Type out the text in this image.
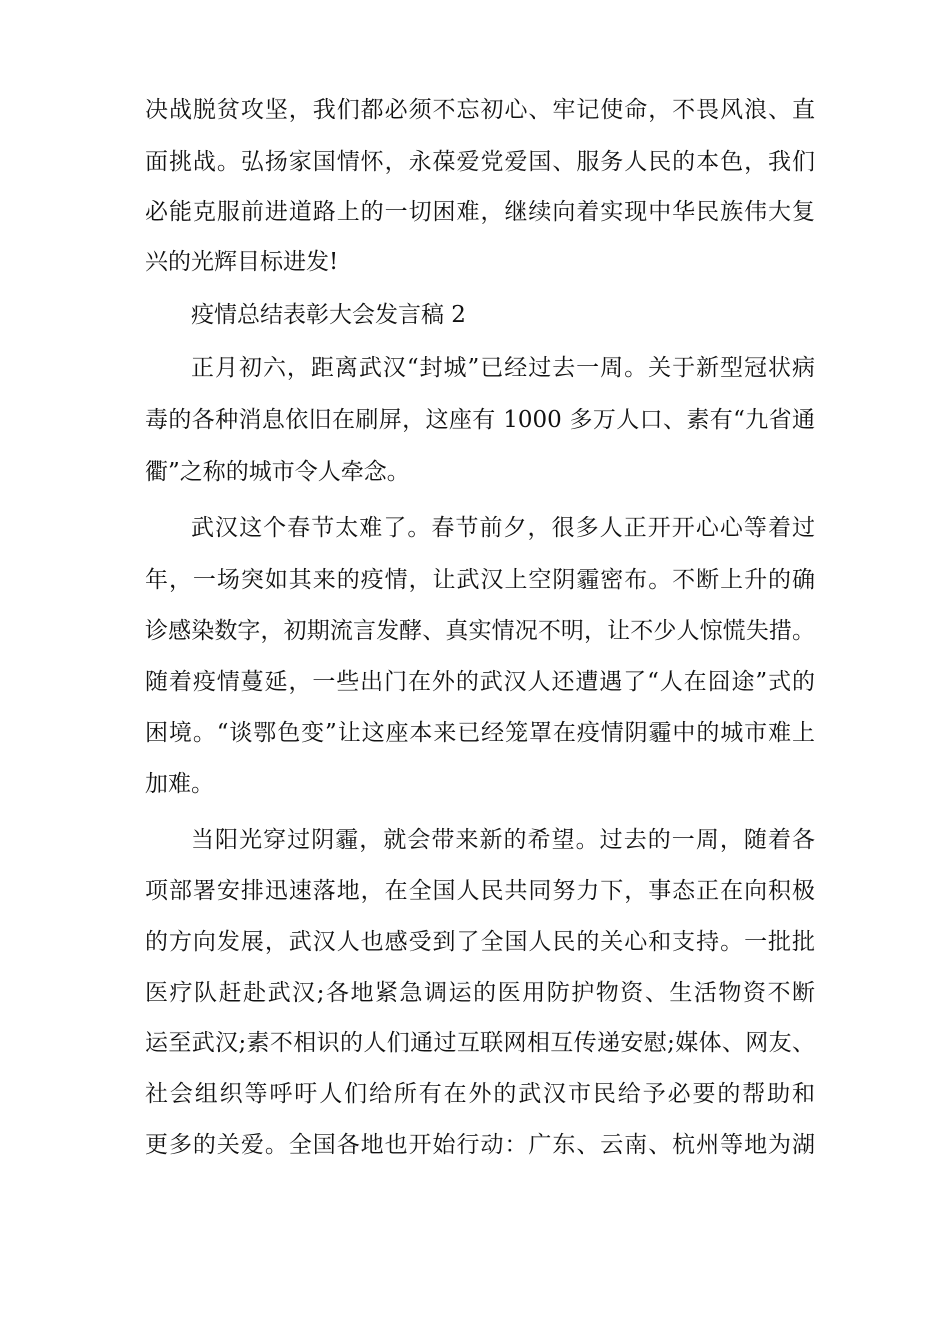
决战脱贫攻坚，我们都必须不忘初心、牢记使命，不畏风浪、直
面挑战。弘扬家国情怀，永葆爱党爱国、服务人民的本色，我们
必能克服前进道路上的一切困难，继续向着实现中华民族伟大复
兴的光辉目标进发!
疫情总结表彰大会发言稿 2
正月初六，距离武汉“封城”已经过去一周。关于新型冠状病
毒的各种消息依旧在刷屏，这座有 1000 多万人口、素有“九省通
衢”之称的城市令人牵念。
武汉这个春节太难了。春节前夕，很多人正开开心心等着过
年，一场突如其来的疫情，让武汉上空阴霾密布。不断上升的确
诊感染数字，初期流言发酵、真实情况不明，让不少人惊慌失措。
随着疫情蔓延，一些出门在外的武汉人还遭遇了“人在囧途”式的
困境。“谈鄂色变”让这座本来已经笼罩在疫情阴霾中的城市难上
加难。
当阳光穿过阴霾，就会带来新的希望。过去的一周，随着各
项部署安排迅速落地，在全国人民共同努力下，事态正在向积极
的方向发展，武汉人也感受到了全国人民的关心和支持。一批批
医疗队赶赴武汉;各地紧急调运的医用防护物资、生活物资不断
运至武汉;素不相识的人们通过互联网相互传递安慰;媒体、网友、
社会组织等呼吁人们给所有在外的武汉市民给予必要的帮助和
更多的关爱。全国各地也开始行动：广东、云南、杭州等地为湖
